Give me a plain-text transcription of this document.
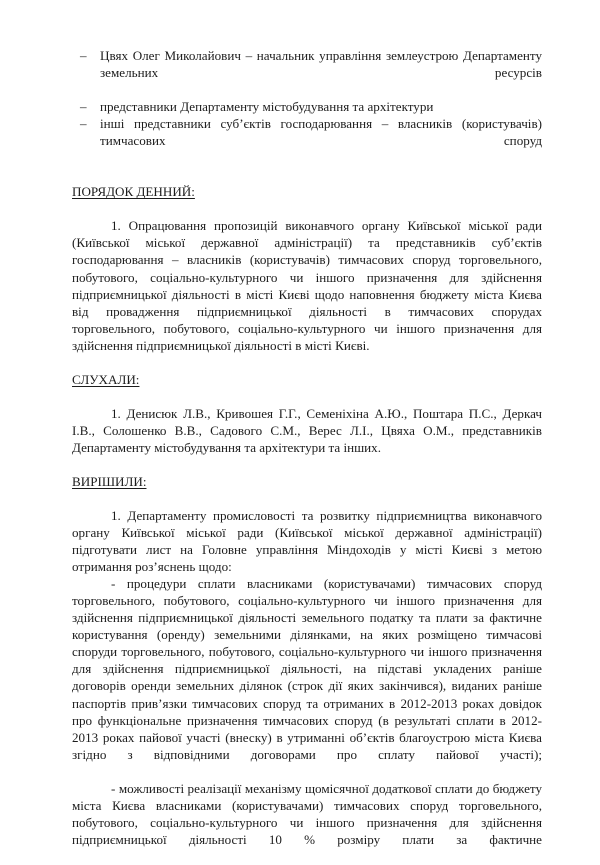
– Цвях Олег Миколайович – начальник управління землеустрою Департаменту земельних ресурсів
– представники Департаменту містобудування та архітектури
– інші представники суб’єктів господарювання – власників (користувачів) тимчасових споруд
ПОРЯДОК ДЕННИЙ:

1. Опрацювання пропозицій виконавчого органу Київської міської ради (Київської міської державної адміністрації) та представників суб’єктів господарювання – власників (користувачів) тимчасових споруд торговельного, побутового, соціально-культурного чи іншого призначення для здійснення підприємницької діяльності в місті Києві щодо наповнення бюджету міста Києва від провадження підприємницької діяльності в тимчасових спорудах торговельного, побутового, соціально-культурного чи іншого призначення для здійснення підприємницької діяльності в місті Києві.

СЛУХАЛИ:

1. Денисюк Л.В., Кривошея Г.Г., Семеніхіна А.Ю., Поштара П.С., Деркач І.В., Солошенко В.В., Садового С.М., Верес Л.І., Цвяха О.М., представників Департаменту містобудування та архітектури та інших.

ВИРІШИЛИ:

1. Департаменту промисловості та розвитку підприємництва виконавчого органу Київської міської ради (Київської міської державної адміністрації) підготувати лист на Головне управління Міндоходів у місті Києві з метою отримання роз’яснень щодо:

- процедури сплати власниками (користувачами) тимчасових споруд торговельного, побутового, соціально-культурного чи іншого призначення для здійснення підприємницької діяльності земельного податку та плати за фактичне користування (оренду) земельними ділянками, на яких розміщено тимчасові споруди торговельного, побутового, соціально-культурного чи іншого призначення для здійснення підприємницької діяльності, на підставі укладених раніше договорів оренди земельних ділянок (строк дії яких закінчився), виданих раніше паспортів прив’язки тимчасових споруд та отриманих в 2012-2013 роках довідок про функціональне призначення тимчасових споруд (в результаті сплати в 2012-2013 роках пайової участі (внеску) в утриманні об’єктів благоустрою міста Києва згідно з відповідними договорами про сплату пайової участі);

- можливості реалізації механізму щомісячної додаткової сплати до бюджету міста Києва власниками (користувачами) тимчасових споруд торговельного, побутового, соціально-культурного чи іншого призначення для здійснення підприємницької діяльності 10 % розміру плати за фактичне
